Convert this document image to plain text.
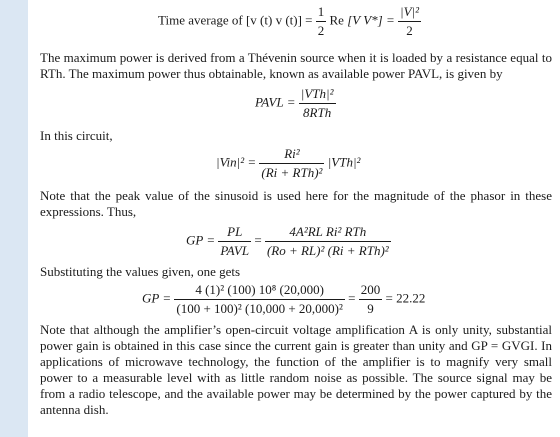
Time average of [v (t) v $(t)] = \frac{1}{2}$ Re [V $V*] = \frac{\text{|V|²}}{2}$
The maximum power is derived from a Thévenin source when it is loaded by a resistance equal to RTh. The maximum power thus obtainable, known as available power PAVL, is given by
PAVL = $\frac{\text{|VTh|²}}{\text{8RTh}}$
In this circuit,
$|Vin|^2 = \frac{\text{Ri²}}{\text{(Ri + RTh)²}} |VTh|^2$
Note that the peak value of the sinusoid is used here for the magnitude of the phasor in these expressions. Thus,
GP = $\frac{PL}{\text{PAVL}} = \frac{\text{4A²RL Ri² RTh}}{\text{(Ro + RL)² (Ri + RTh)²}}$
Substituting the values given, one gets
GP = $\frac{\text{4 (1)² (100) 10⁸ (20,000)}}{\text{(100 + 100)² (10,000 + 20,000)²}} = \frac{200}{9} = 22.22$
Note that although the amplifier’s open-circuit voltage amplification A is only unity, substantial power gain is obtained in this case since the current gain is greater than unity and GP = GVGI. In applications of microwave technology, the function of the amplifier is to magnify very small power to a measurable level with as little random noise as possible. The source signal may be from a radio telescope, and the available power may be determined by the power captured by the antenna dish.
